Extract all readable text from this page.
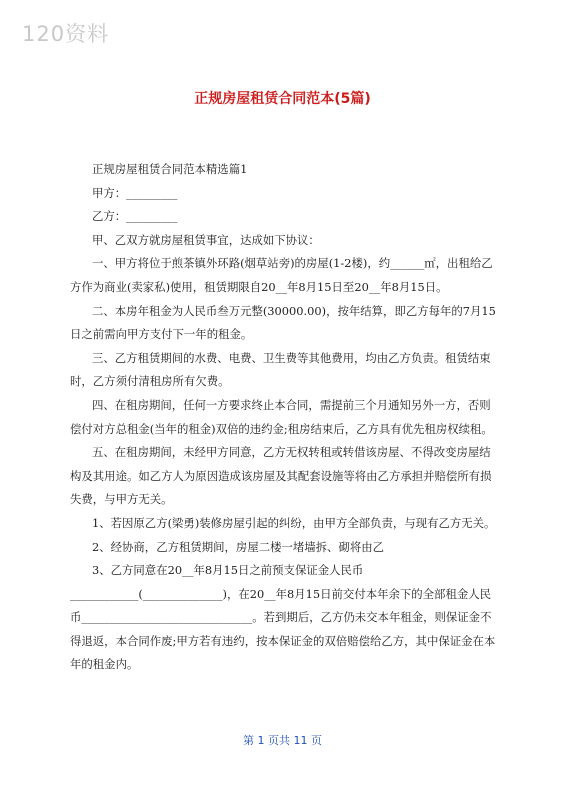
120资料
正规房屋租赁合同范本(5篇)

正规房屋租赁合同范本精选篇1

甲方：_________

乙方：_________

甲、乙双方就房屋租赁事宜，达成如下协议：

一、甲方将位于煎茶镇外环路(烟草站旁)的房屋(1-2楼)，约______㎡，出租给乙方作为商业(卖家私)使用，租赁期限自20__年8月15日至20__年8月15日。

二、本房年租金为人民币叁万元整(30000.00)，按年结算，即乙方每年的7月15日之前需向甲方支付下一年的租金。

三、乙方租赁期间的水费、电费、卫生费等其他费用，均由乙方负责。租赁结束时，乙方须付清租房所有欠费。

四、在租房期间，任何一方要求终止本合同，需提前三个月通知另外一方，否则偿付对方总租金(当年的租金)双倍的违约金;租房结束后，乙方具有优先租房权续租。

五、在租房期间，未经甲方同意，乙方无权转租或转借该房屋、不得改变房屋结构及其用途。如乙方人为原因造成该房屋及其配套设施等将由乙方承担并赔偿所有损失费，与甲方无关。

1、若因原乙方(梁勇)装修房屋引起的纠纷，由甲方全部负责，与现有乙方无关。

2、经协商，乙方租赁期间，房屋二楼一堵墙拆、砌将由乙

3、乙方同意在20__年8月15日之前预支保证金人民币____________(______________)，在20__年8月15日前交付本年余下的全部租金人民币______________________________。若到期后，乙方仍未交本年租金，则保证金不得退返，本合同作废;甲方若有违约，按本保证金的双倍赔偿给乙方，其中保证金在本年的租金内。

第 1 页共 11 页
